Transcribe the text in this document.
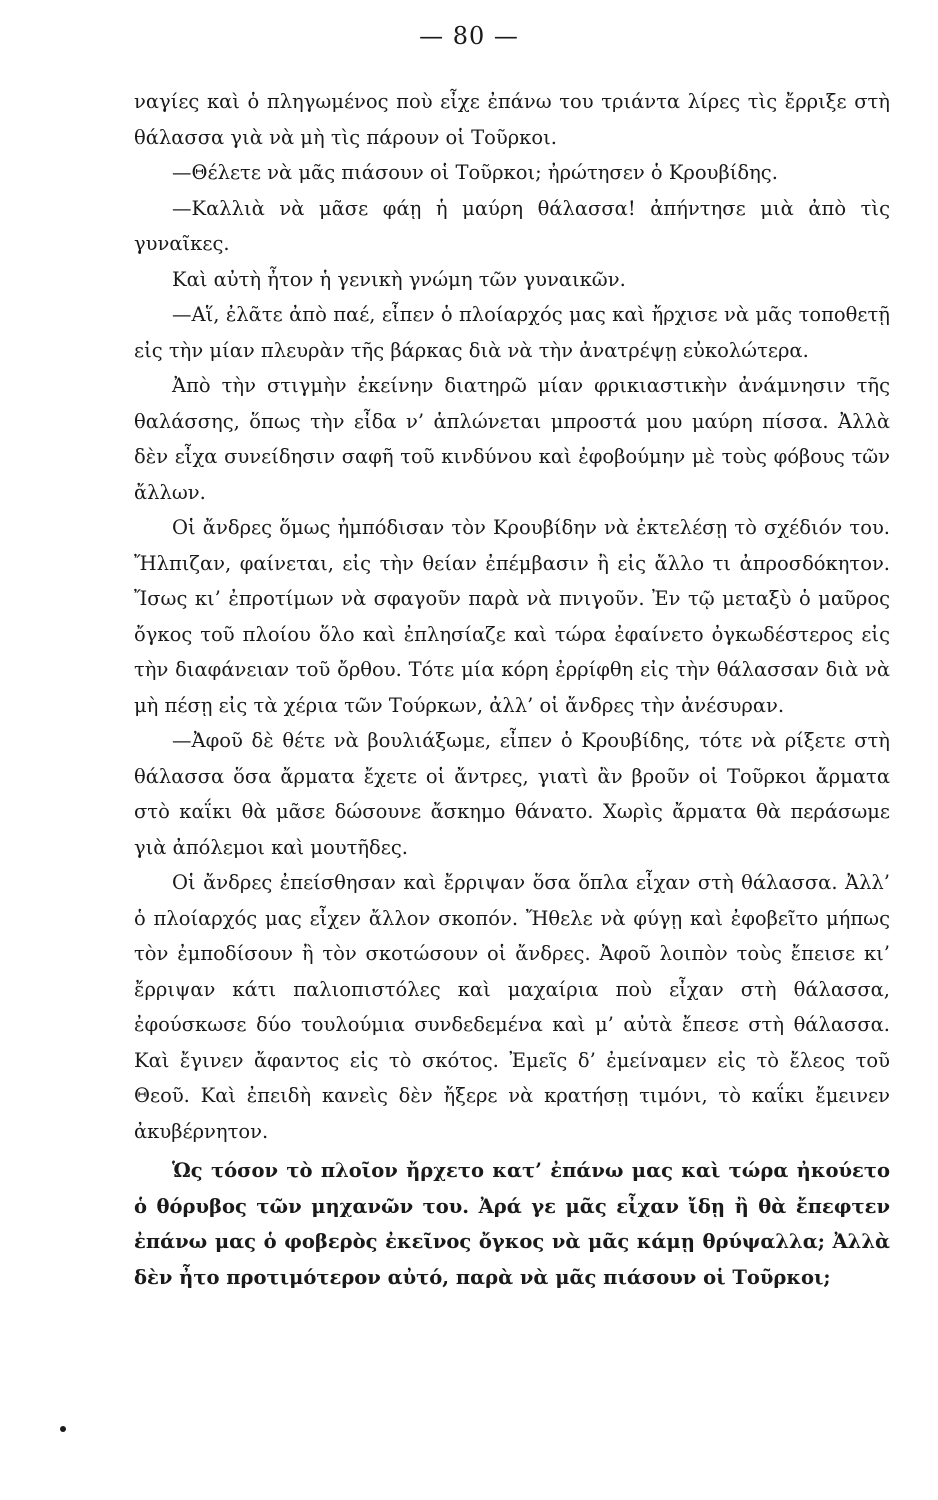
— 80 —

ναγίες καὶ ὁ πληγωμένος ποὺ εἶχε ἐπάνω του τριάντα λίρες τὶς ἔρριξε στὴ θάλασσα γιὰ νὰ μὴ τὶς πάρουν οἱ Τοῦρκοι.

—Θέλετε νὰ μᾶς πιάσουν οἱ Τοῦρκοι; ἠρώτησεν ὁ Κρουβίδης.

—Καλλιὰ νὰ μᾶσε φάῃ ἡ μαύρη θάλασσα! ἀπήντησε μιὰ ἀπὸ τὶς γυναῖκες.

Καὶ αὐτὴ ἦτον ἡ γενικὴ γνώμη τῶν γυναικῶν.

—Αἵ, ἐλᾶτε ἀπὸ παέ, εἶπεν ὁ πλοίαρχός μας καὶ ἤρχισε νὰ μᾶς τοποθετῇ εἰς τὴν μίαν πλευρὰν τῆς βάρκας διὰ νὰ τὴν ἀνατρέψῃ εὐκολώτερα.

Ἀπὸ τὴν στιγμὴν ἐκείνην διατηρῶ μίαν φρικιαστικὴν ἀνάμνησιν τῆς θαλάσσης, ὅπως τὴν εἶδα ν’ ἁπλώνεται μπροστά μου μαύρη πίσσα. Ἀλλὰ δὲν εἶχα συνείδησιν σαφῆ τοῦ κινδύνου καὶ ἐφοβούμην μὲ τοὺς φόβους τῶν ἄλλων.

Οἱ ἄνδρες ὅμως ἠμπόδισαν τὸν Κρουβίδην νὰ ἐκτελέσῃ τὸ σχέδιόν του. Ἤλπιζαν, φαίνεται, εἰς τὴν θείαν ἐπέμβασιν ἢ εἰς ἄλλο τι ἀπροσδόκητον. Ἴσως κι’ ἐπροτίμων νὰ σφαγοῦν παρὰ νὰ πνιγοῦν. Ἐν τῷ μεταξὺ ὁ μαῦρος ὄγκος τοῦ πλοίου ὅλο καὶ ἐπλησίαζε καὶ τώρα ἐφαίνετο ὀγκωδέστερος εἰς τὴν διαφάνειαν τοῦ ὄρθου. Τότε μία κόρη ἐρρίφθη εἰς τὴν θάλασσαν διὰ νὰ μὴ πέσῃ εἰς τὰ χέρια τῶν Τούρκων, ἀλλ’ οἱ ἄνδρες τὴν ἀνέσυραν.

—Ἀφοῦ δὲ θέτε νὰ βουλιάξωμε, εἶπεν ὁ Κρουβίδης, τότε νὰ ρίξετε στὴ θάλασσα ὅσα ἄρματα ἔχετε οἱ ἄντρες, γιατὶ ἂν βροῦν οἱ Τοῦρκοι ἄρματα στὸ καΐκι θὰ μᾶσε δώσουνε ἄσκημο θάνατο. Χωρὶς ἄρματα θὰ περάσωμε γιὰ ἀπόλεμοι καὶ μουτῆδες.

Οἱ ἄνδρες ἐπείσθησαν καὶ ἔρριψαν ὅσα ὅπλα εἶχαν στὴ θάλασσα. Ἀλλ’ ὁ πλοίαρχός μας εἶχεν ἄλλον σκοπόν. Ἤθελε νὰ φύγῃ καὶ ἐφοβεῖτο μήπως τὸν ἐμποδίσουν ἢ τὸν σκοτώσουν οἱ ἄνδρες. Ἀφοῦ λοιπὸν τοὺς ἔπεισε κι’ ἔρριψαν κάτι παλιοπιστόλες καὶ μαχαίρια ποὺ εἶχαν στὴ θάλασσα, ἐφούσκωσε δύο τουλούμια συνδεδεμένα καὶ μ’ αὐτὰ ἔπεσε στὴ θάλασσα. Καὶ ἔγινεν ἄφαντος εἰς τὸ σκότος. Ἐμεῖς δ’ ἐμείναμεν εἰς τὸ ἔλεος τοῦ Θεοῦ. Καὶ ἐπειδὴ κανεὶς δὲν ἤξερε νὰ κρατήσῃ τιμόνι, τὸ καΐκι ἔμεινεν ἀκυβέρνητον.

Ὡς τόσον τὸ πλοῖον ἤρχετο κατ’ ἐπάνω μας καὶ τώρα ἠκούετο ὁ θόρυβος τῶν μηχανῶν του. Ἀρά γε μᾶς εἶχαν ἴδῃ ἢ θὰ ἔπεφτεν ἐπάνω μας ὁ φοβερὸς ἐκεῖνος ὄγκος νὰ μᾶς κάμῃ θρύψαλλα; Ἀλλὰ δὲν ἦτο προτιμότερον αὐτό, παρὰ νὰ μᾶς πιάσουν οἱ Τοῦρκοι;
